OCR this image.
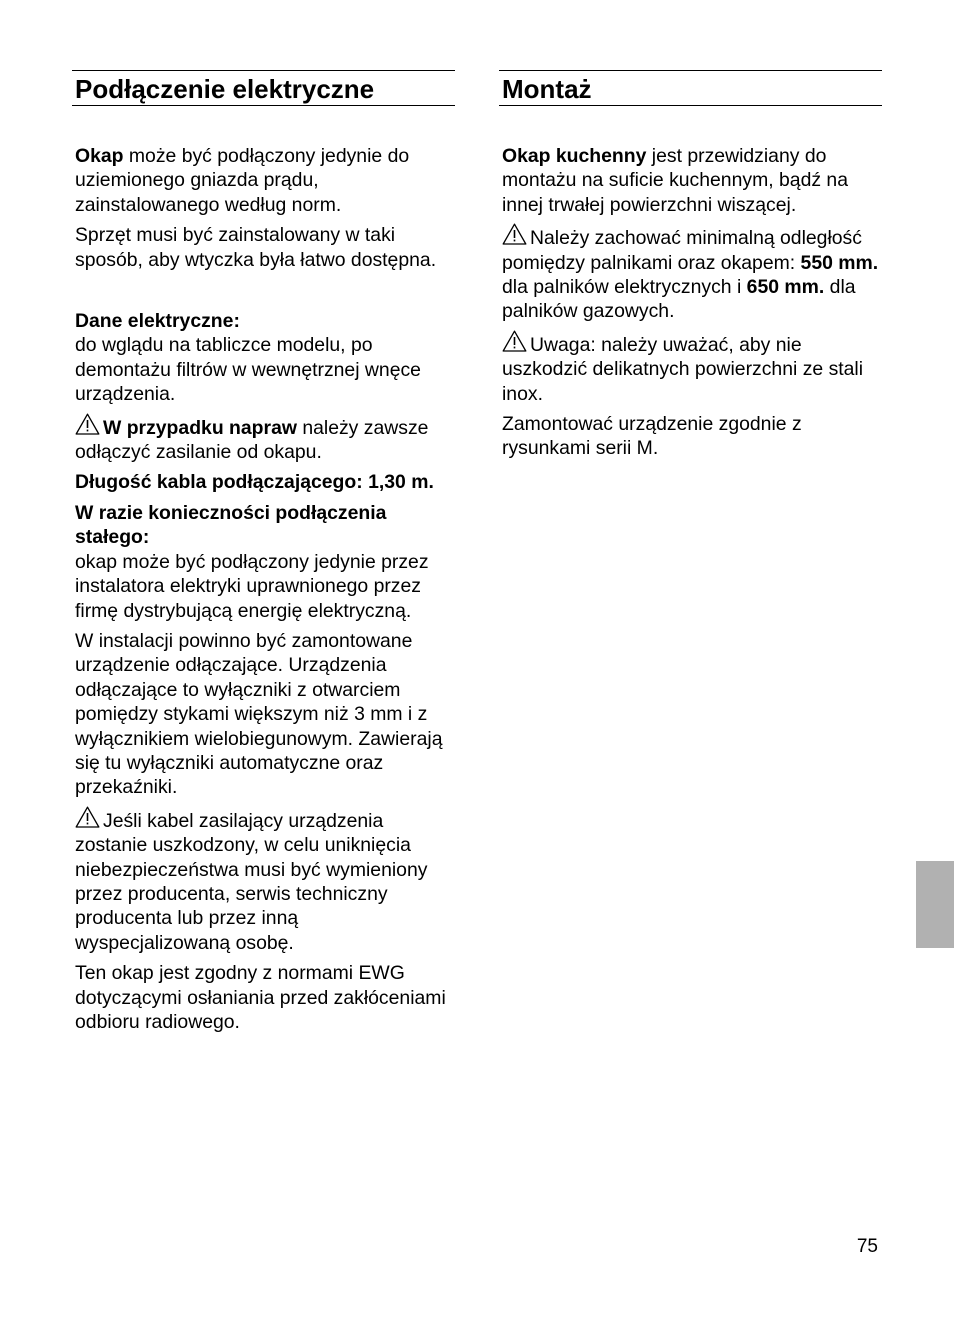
Podłączenie elektryczne

Okap może być podłączony jedynie do uziemionego gniazda prądu, zainstalowanego według norm.

Sprzęt musi być zainstalowany w taki sposób, aby wtyczka była łatwo dostępna.

Dane elektryczne:
do wglądu na tabliczce modelu, po demontażu filtrów w wewnętrznej wnęce urządzenia.

W przypadku napraw należy zawsze odłączyć zasilanie od okapu.

Długość kabla podłączającego: 1,30 m.

W razie konieczności podłączenia stałego:
okap może być podłączony jedynie przez instalatora elektryki uprawnionego przez firmę dystrybującą energię elektryczną.

W instalacji powinno być zamontowane urządzenie odłączające. Urządzenia odłączające to wyłączniki z otwarciem pomiędzy stykami większym niż 3 mm i z wyłącznikiem wielobiegunowym. Zawierają się tu wyłączniki automatyczne oraz przekaźniki.

Jeśli kabel zasilający urządzenia zostanie uszkodzony, w celu uniknięcia niebezpieczeństwa musi być wymieniony przez producenta, serwis techniczny producenta lub przez inną wyspecjalizowaną osobę.

Ten okap jest zgodny z normami EWG dotyczącymi osłaniania przed zakłóceniami odbioru radiowego.

Montaż

Okap kuchenny jest przewidziany do montażu na suficie kuchennym, bądź na innej trwałej powierzchni wiszącej.

Należy zachować minimalną odległość pomiędzy palnikami oraz okapem: 550 mm. dla palników elektrycznych i 650 mm. dla palników gazowych.

Uwaga: należy uważać, aby nie uszkodzić delikatnych powierzchni ze stali inox.

Zamontować urządzenie zgodnie z rysunkami serii M.

75
